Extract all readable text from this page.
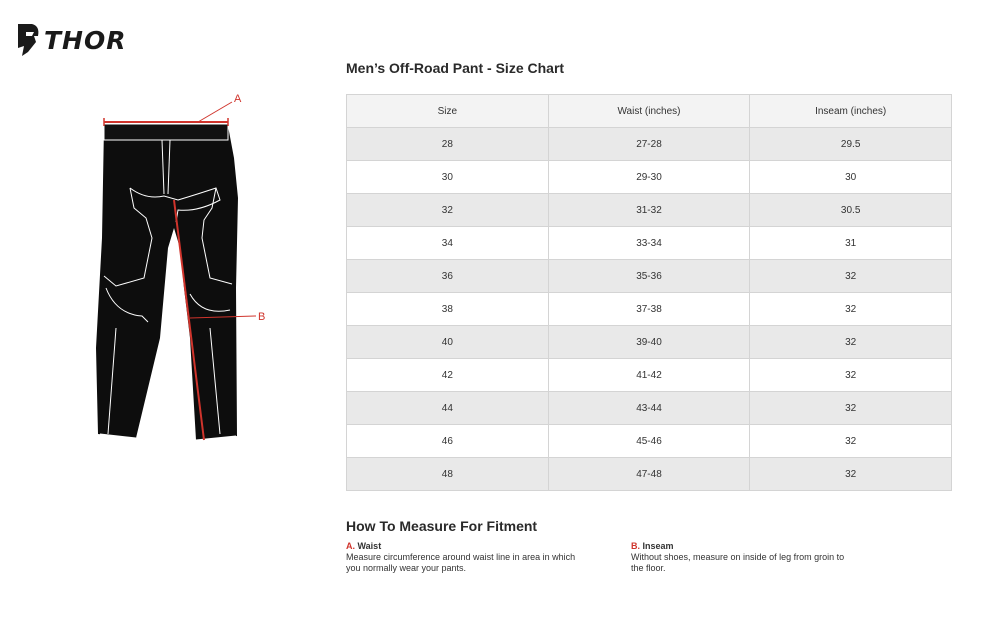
THOR
A
B
Men’s Off-Road Pant - Size Chart
Size	Waist (inches)	Inseam (inches)
28	27-28	29.5
30	29-30	30
32	31-32	30.5
34	33-34	31
36	35-36	32
38	37-38	32
40	39-40	32
42	41-42	32
44	43-44	32
46	45-46	32
48	47-48	32
How To Measure For Fitment
A. Waist
Measure circumference around waist line in area in which
you normally wear your pants.
B. Inseam
Without shoes, measure on inside of leg from groin to
the floor.
